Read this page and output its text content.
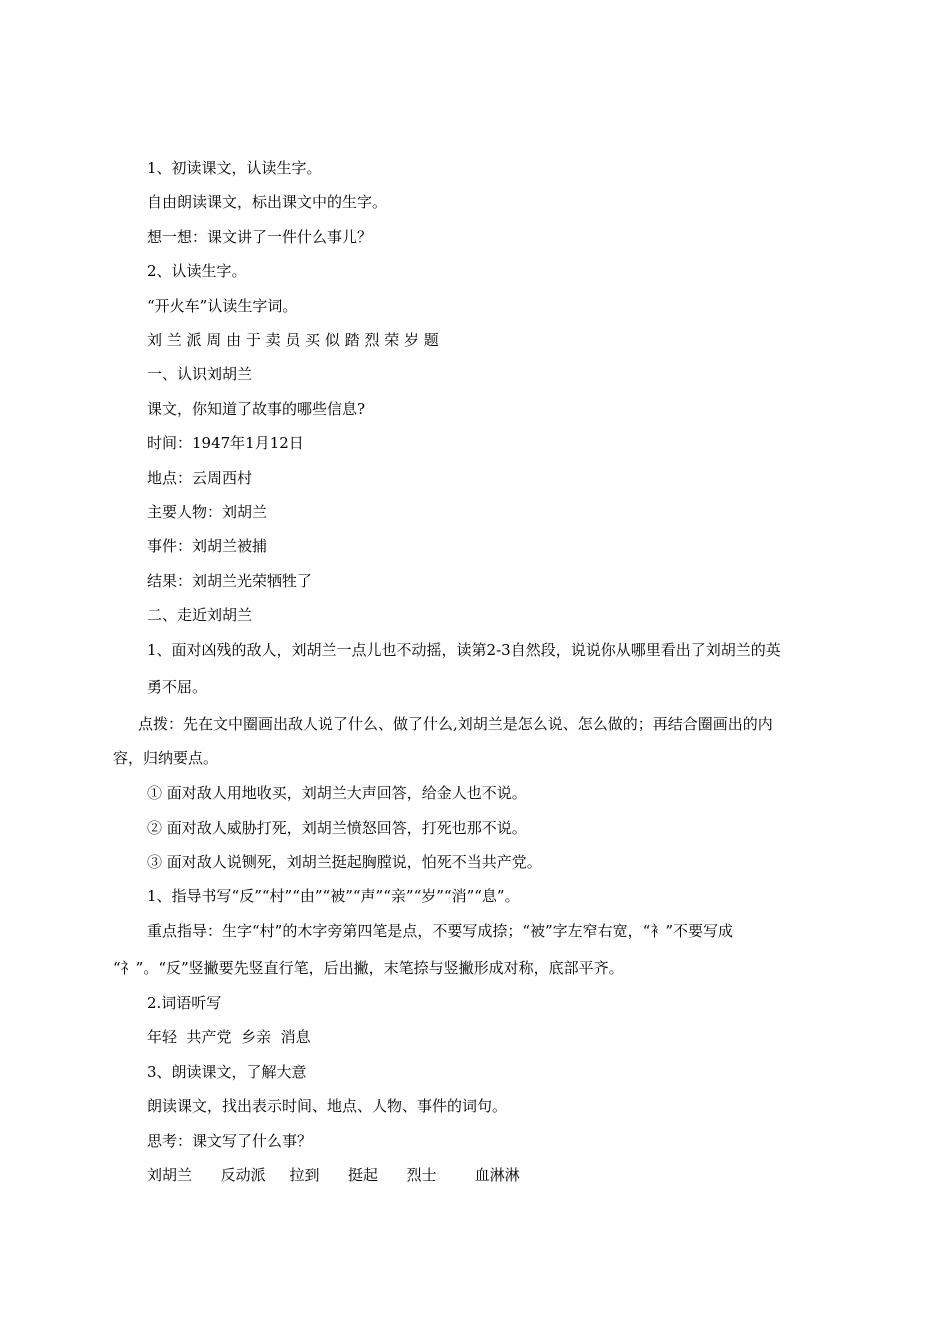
1、初读课文，认读生字。
自由朗读课文，标出课文中的生字。
想一想：课文讲了一件什么事儿？
2、认读生字。
“开火车”认读生字词。
刘 兰 派 周 由 于 卖 员 买 似 踏 烈 荣 岁 题
一、认识刘胡兰
课文，你知道了故事的哪些信息?
时间：1947年1月12日
地点：云周西村
主要人物：刘胡兰
事件：刘胡兰被捕
结果：刘胡兰光荣牺牲了
二、走近刘胡兰
1、面对凶残的敌人，刘胡兰一点儿也不动摇，读第2-3自然段，说说你从哪里看出了刘胡兰的英
勇不屈。
点拨：先在文中圈画出敌人说了什么、做了什么,刘胡兰是怎么说、怎么做的；再结合圈画出的内
容，归纳要点。
① 面对敌人用地收买，刘胡兰大声回答，给金人也不说。
② 面对敌人威胁打死，刘胡兰愤怒回答，打死也那不说。
③ 面对敌人说铡死，刘胡兰挺起胸膛说，怕死不当共产党。
1、指导书写“反”“村”“由”“被”“声”“亲”“岁”“消”“息”。
重点指导：生字“村”的木字旁第四笔是点，不要写成捺；“被”字左窄右宽，“衤”不要写成
“礻”。“反”竖撇要先竖直行笔，后出撇，末笔捺与竖撇形成对称，底部平齐。
2.词语听写
年轻  共产党  乡亲  消息
3、朗读课文，了解大意
朗读课文，找出表示时间、地点、人物、事件的词句。
思考：课文写了什么事？
刘胡兰      反动派     拉到      挺起      烈士        血淋淋
